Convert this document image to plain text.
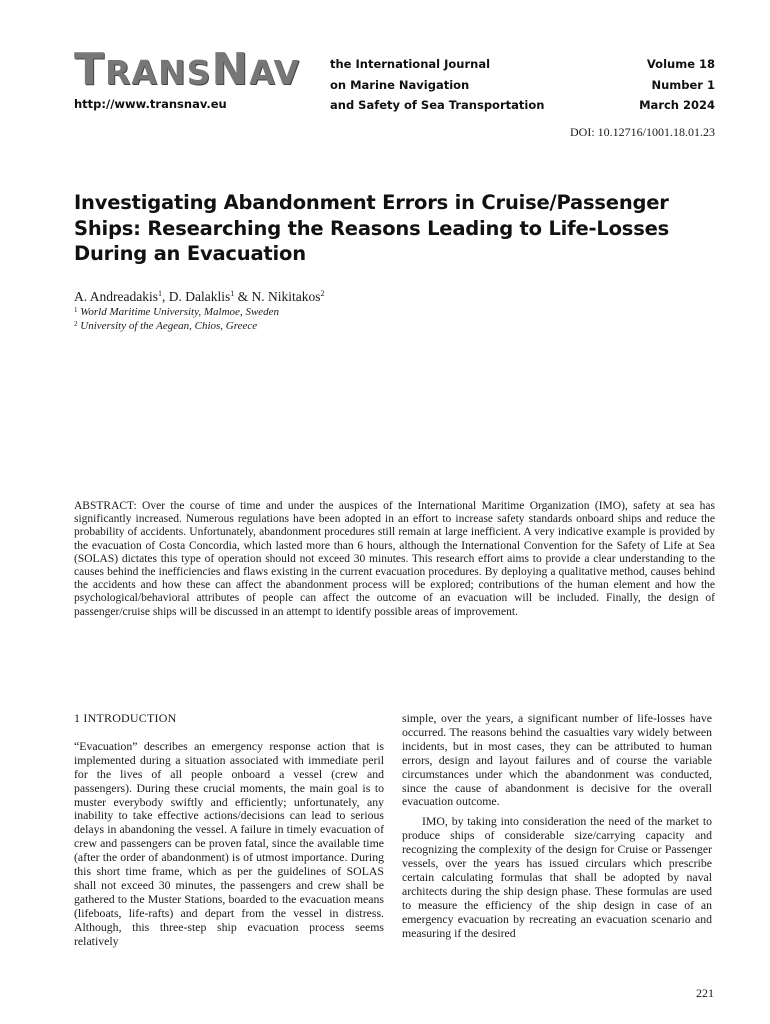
TRANSNAV
http://www.transnav.eu
the International Journal
on Marine Navigation
and Safety of Sea Transportation
Volume 18
Number 1
March 2024
DOI: 10.12716/1001.18.01.23
Investigating Abandonment Errors in Cruise/Passenger Ships: Researching the Reasons Leading to Life-Losses During an Evacuation
A. Andreadakis$^1$, D. Dalaklis$^1$ & N. Nikitakos$^2$
$^1$ World Maritime University, Malmoe, Sweden
$^2$ University of the Aegean, Chios, Greece
ABSTRACT: Over the course of time and under the auspices of the International Maritime Organization (IMO), safety at sea has significantly increased. Numerous regulations have been adopted in an effort to increase safety standards onboard ships and reduce the probability of accidents. Unfortunately, abandonment procedures still remain at large inefficient. A very indicative example is provided by the evacuation of Costa Concordia, which lasted more than 6 hours, although the International Convention for the Safety of Life at Sea (SOLAS) dictates this type of operation should not exceed 30 minutes. This research effort aims to provide a clear understanding to the causes behind the inefficiencies and flaws existing in the current evacuation procedures. By deploying a qualitative method, causes behind the accidents and how these can affect the abandonment process will be explored; contributions of the human element and how the psychological/behavioral attributes of people can affect the outcome of an evacuation will be included. Finally, the design of passenger/cruise ships will be discussed in an attempt to identify possible areas of improvement.
1 INTRODUCTION

“Evacuation” describes an emergency response action that is implemented during a situation associated with immediate peril for the lives of all people onboard a vessel (crew and passengers). During these crucial moments, the main goal is to muster everybody swiftly and efficiently; unfortunately, any inability to take effective actions/decisions can lead to serious delays in abandoning the vessel. A failure in timely evacuation of crew and passengers can be proven fatal, since the available time (after the order of abandonment) is of utmost importance. During this short time frame, which as per the guidelines of SOLAS shall not exceed 30 minutes, the passengers and crew shall be gathered to the Muster Stations, boarded to the evacuation means (lifeboats, life-rafts) and depart from the vessel in distress. Although, this three-step ship evacuation process seems relatively

simple, over the years, a significant number of life-losses have occurred. The reasons behind the casualties vary widely between incidents, but in most cases, they can be attributed to human errors, design and layout failures and of course the variable circumstances under which the abandonment was conducted, since the cause of abandonment is decisive for the overall evacuation outcome.

IMO, by taking into consideration the need of the market to produce ships of considerable size/carrying capacity and recognizing the complexity of the design for Cruise or Passenger vessels, over the years has issued circulars which prescribe certain calculating formulas that shall be adopted by naval architects during the ship design phase. These formulas are used to measure the efficiency of the ship design in case of an emergency evacuation by recreating an evacuation scenario and measuring if the desired

221
